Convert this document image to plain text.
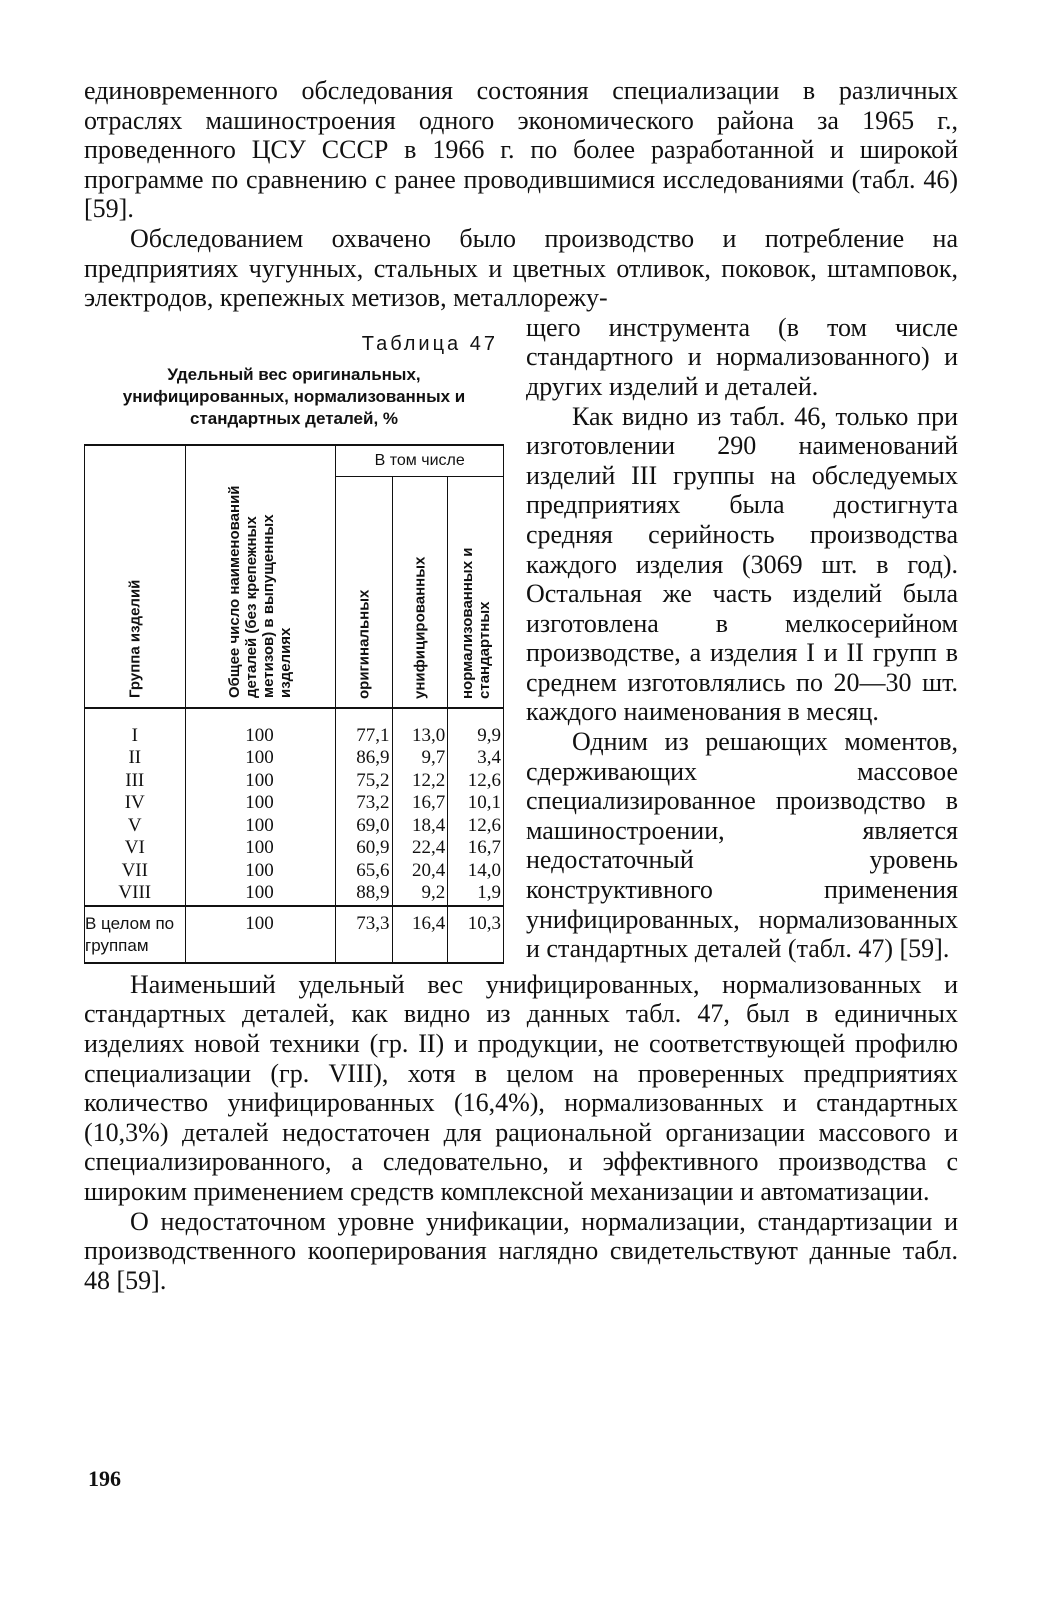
единовременного обследования состояния специализации в различных отраслях машиностроения одного экономического района за 1965 г., проведенного ЦСУ СССР в 1966 г. по более разработанной и широкой программе по сравнению с ранее проводившимися исследованиями (табл. 46) [59].

Обследованием охвачено было производство и потребление на предприятиях чугунных, стальных и цветных отливок, поковок, штамповок, электродов, крепежных метизов, металлорежу-

Таблица 47
Удельный вес оригинальных, унифицированных, нормализованных и стандартных деталей, %
Группа изделий	Общее число наименований деталей (без крепежных метизов) в выпущенных изделиях	В том числе		

		оригинальных	унифицированных	нормализованных и стандартных

I	100	77,1	13,0	9,9
II	100	86,9	9,7	3,4
III	100	75,2	12,2	12,6
IV	100	73,2	16,7	10,1
V	100	69,0	18,4	12,6
VI	100	60,9	22,4	16,7
VII	100	65,6	20,4	14,0
VIII	100	88,9	9,2	1,9
В целом по группам	100	73,3	16,4	10,3

щего инструмента (в том числе стандартного и нормализованного) и других изделий и деталей.

Как видно из табл. 46, только при изготовлении 290 наименований изделий III группы на обследуемых предприятиях была достигнута средняя серийность производства каждого изделия (3069 шт. в год). Остальная же часть изделий была изготовлена в мелкосерийном производстве, а изделия I и II групп в среднем изготовлялись по 20—30 шт. каждого наименования в месяц.

Одним из решающих моментов, сдерживающих массовое специализированное производство в машиностроении, является недостаточный уровень конструктивного применения унифицированных, нормализованных и стандартных деталей (табл. 47) [59].

Наименьший удельный вес унифицированных, нормализованных и стандартных деталей, как видно из данных табл. 47, был в единичных изделиях новой техники (гр. II) и продукции, не соответствующей профилю специализации (гр. VIII), хотя в целом на проверенных предприятиях количество унифицированных (16,4%), нормализованных и стандартных (10,3%) деталей недостаточен для рациональной организации массового и специализированного, а следовательно, и эффективного производства с широким применением средств комплексной механизации и автоматизации.

О недостаточном уровне унификации, нормализации, стандартизации и производственного кооперирования наглядно свидетельствуют данные табл. 48 [59].

196
